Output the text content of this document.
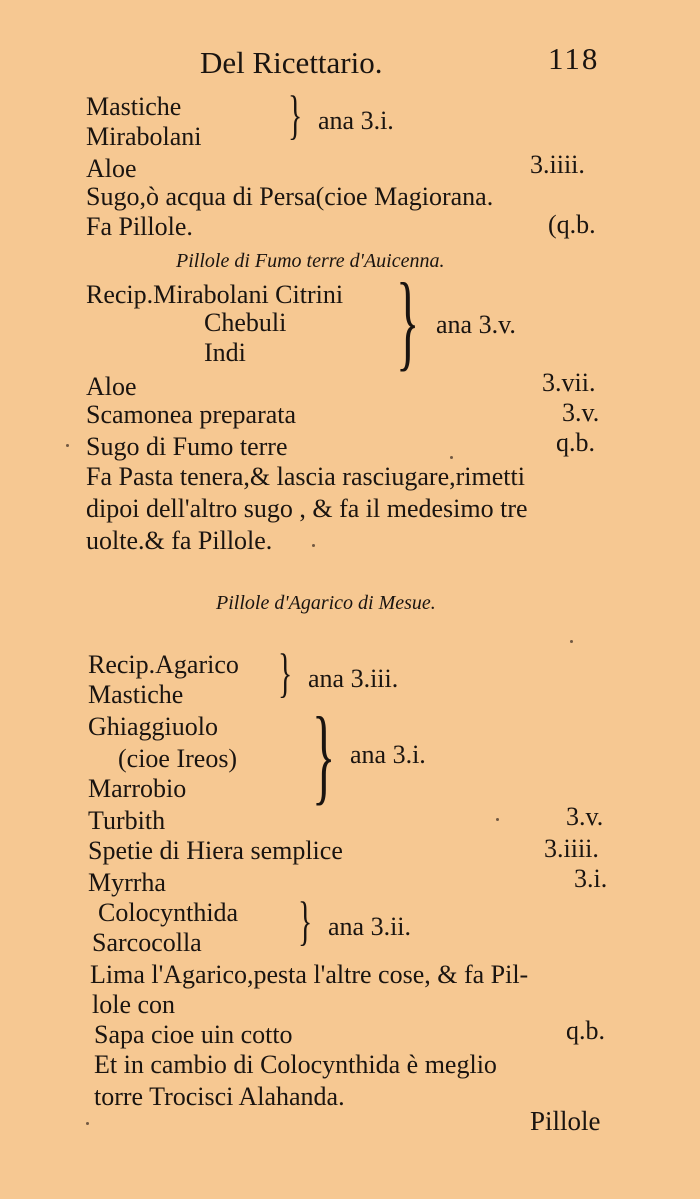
Del Ricettario.	118
Mastiche
Mirabolani } ana 3.i.
Aloe	3.iiii.
Sugo,ò acqua di Persa(cioe Magiorana.
Fa Pillole.	(q.b.
Pillole di Fumo terre d'Auicenna.
Recip.Mirabolani Citrini
Chebuli
Indi } ana 3.v.
Aloe	3.vii.
Scamonea preparata	3.v.
Sugo di Fumo terre	q.b.
Fa Pasta tenera,& lascia rasciugare,rimetti
dipoi dell'altro sugo , & fa il medesimo tre
uolte.& fa Pillole.
Pillole d'Agarico di Mesue.
Recip.Agarico
Mastiche } ana 3.iii.
Ghiaggiuolo
(cioe Ireos)
Marrobio } ana 3.i.
Turbith	3.v.
Spetie di Hiera semplice	3.iiii.
Myrrha	3.i.
Colocynthida
Sarcocolla } ana 3.ii.
Lima l'Agarico,pesta l'altre cose, & fa Pil-
lole con
Sapa cioe uin cotto	q.b.
Et in cambio di Colocynthida è meglio
torre Trocisci Alahanda.
Pillole
